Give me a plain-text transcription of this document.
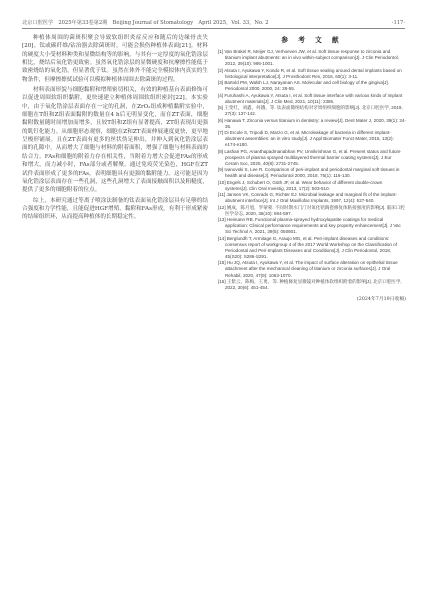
北京口腔医学　2025年第33卷第2期　Beijing Journal of Stomatology　April 2025，Vol. 33，No. 2	·117·

种植体周围的菌斑积聚会导致软组织炎症反应和随后的边缘骨丧失[20]。钛或碳纤维/钴治器去除菌斑时，可能会损伤种植体表面[21]。材料的硬度大小受材料种类和显微结构等的影响。与其有一定厚度的氧化锆涂层相比，烧结后氧化锆更致密。虽然氧化锆涂层的显微硬度和抗摩擦性能低于致密烧结的氧化锆，但显著优于钛。虽然在体外不能完全模拟体内真实的生物条件，但摩擦擦拭试验可以模拟种植体周围去除菌斑的过程。

材料表面形貌与细胞黏附和增殖密切相关，有效的种植基台表面修饰可以促进周围软组织黏附，更快速建立种植体周围软组织密封[22]。本实验中，由于氧化锆涂层表面存在一定的孔洞，在ZrO₂组成种植黏附实验中，细胞在T组和Z组表面黏附的数量在4 h后无明显变化，而在ZT表面，细胞黏附数量随时间增加而增多，且较T组和Z组有显著提高，ZT组表现出更强的肌钉化能力。从细胞形态观察，细胞在Z和ZT表面伸展速度更快，更早地呈梭形铺展。且在ZT表面有更多的丝状伪足伸出，并伸入到氧化锆涂层表面的孔隙中，从而增大了细胞与材料的附着面积，增强了细胞与材料表面的结合力。FAs和细胞的附着力存在相关性，当附着力增大会促进FAs的形成和增大，而力减小时，FAs部分或者解聚。通过免疫荧光染色，HGF在ZT试件表面形成了更多的FAs，表明细胞具有更强的黏附能力。这可能是因为氧化锆涂层表面存在一些孔洞，这些孔洞增大了表面接触面积以及粗糙度，提供了更多的细胞附着的位点。

综上，本研究通过等离子喷涂法制备的钛表面氧化锆涂层具有足够的结合强度和力学性能，且能促进HGF增殖、黏附和FAs形成，有利于形成紧密的结缔组织环，从而提高种植体的长期稳定性。

参 考 文 献
[1] Van Brakel R, Meijer GJ, Verhoeven JW, et al. Soft tissue response to zirconia and titanium implant abutments: an in vivo within-subject comparison[J]. J Clin Periodontol, 2012, 39(10): 995-1001.
[2] Atsuta I, Ayukawa Y, Kondo R, et al. Soft tissue sealing around dental implants based on histological interpretation[J]. J Prosthodont Res, 2016, 60(1): 3-11.
[3] Bartold PM, Walsh LJ, Narayanan AS. Molecular and cell biology of the gingiva[J]. Periodontol 2000, 2000, 24: 28-55.
[4] Furuhashi A, Ayukawa Y, Atsuta I, et al. Soft tissue interface with various kinds of implant abutment materials[J]. J Clin Med, 2021, 10(11): 2386.
[5] 王变红，刘鑫，何娥，等. 钛表面微纳结构对牙周组织细胞的影响[J]. 北京口腔医学, 2019, 27(3): 137-142.
[6] Hanawa T. Zirconia versus titanium in dentistry: a review[J]. Dent Mater J, 2020, 39(1): 24-36.
[7] Di Ercole S, Tripodi D, Marzo G, et al. Microleakage of bacteria in different implant-abutment assemblies: an in vitro study[J]. J Appl Biomater Funct Mater, 2015, 13(2): e174-e180.
[8] Lashari PG, Ananthapadmanabhan PV, Unnikrishnan G, et al. Present status and future prospects of plasma sprayed multilayered thermal barrier coating systems[J]. J Eur Ceram Soc, 2020, 40(8): 2731-2745.
[9] Ivanovski S, Lee R. Comparison of peri-implant and periodontal marginal soft tissues in health and disease[J]. Periodontol 2000, 2018, 76(1): 116-130.
[10] Engels J, Schubert O, Güth JF, et al. Wear behavior of different double-crown systems[J]. Clin Oral Investig, 2013, 17(2): 503-510.
[11] Jansen VK, Conrads G, Richter EJ. Microbial leakage and marginal fit of the implant-abutment interface[J]. Int J Oral Maxillofac Implants, 1997, 12(4): 527-540.
[12] 姚成，陈月旭，罗蒙蒙. 不同时期水门汀对氧化锆陶瓷修复体粘接强度的影响[J]. 临床口腔医学杂志, 2020, 36(10): 594-597.
[13] Heimann RB. Functional plasma-sprayed hydroxylapatite coatings for medical application: Clinical performance requirements and key property enhancement[J]. J Vac Sci Technol A, 2021, 39(5): 050801.
[14] Berglundh T, Armitage G, Araujo MG, et al. Peri-implant diseases and conditions: consensus report of workgroup 4 of the 2017 World Workshop on the Classification of Periodontal and Peri-Implant Diseases and Conditions[J]. J Clin Periodontol, 2018, 45(S20): S286-S291.
[15] Hu JQ, Atsuta I, Ayukawa Y, et al. The impact of surface alteration on epithelial tissue attachment after the mechanical cleaning of titanium or zirconia surfaces[J]. J Oral Rehabil, 2020, 47(9): 1063-1070.
[16] 王紫云，陈梅，王勇，等. 种植修复显微镜对种植体软组织附着的影响[J]. 北京口腔医学, 2022, 30(6): 451-454.
(2024年7月19日收稿)
